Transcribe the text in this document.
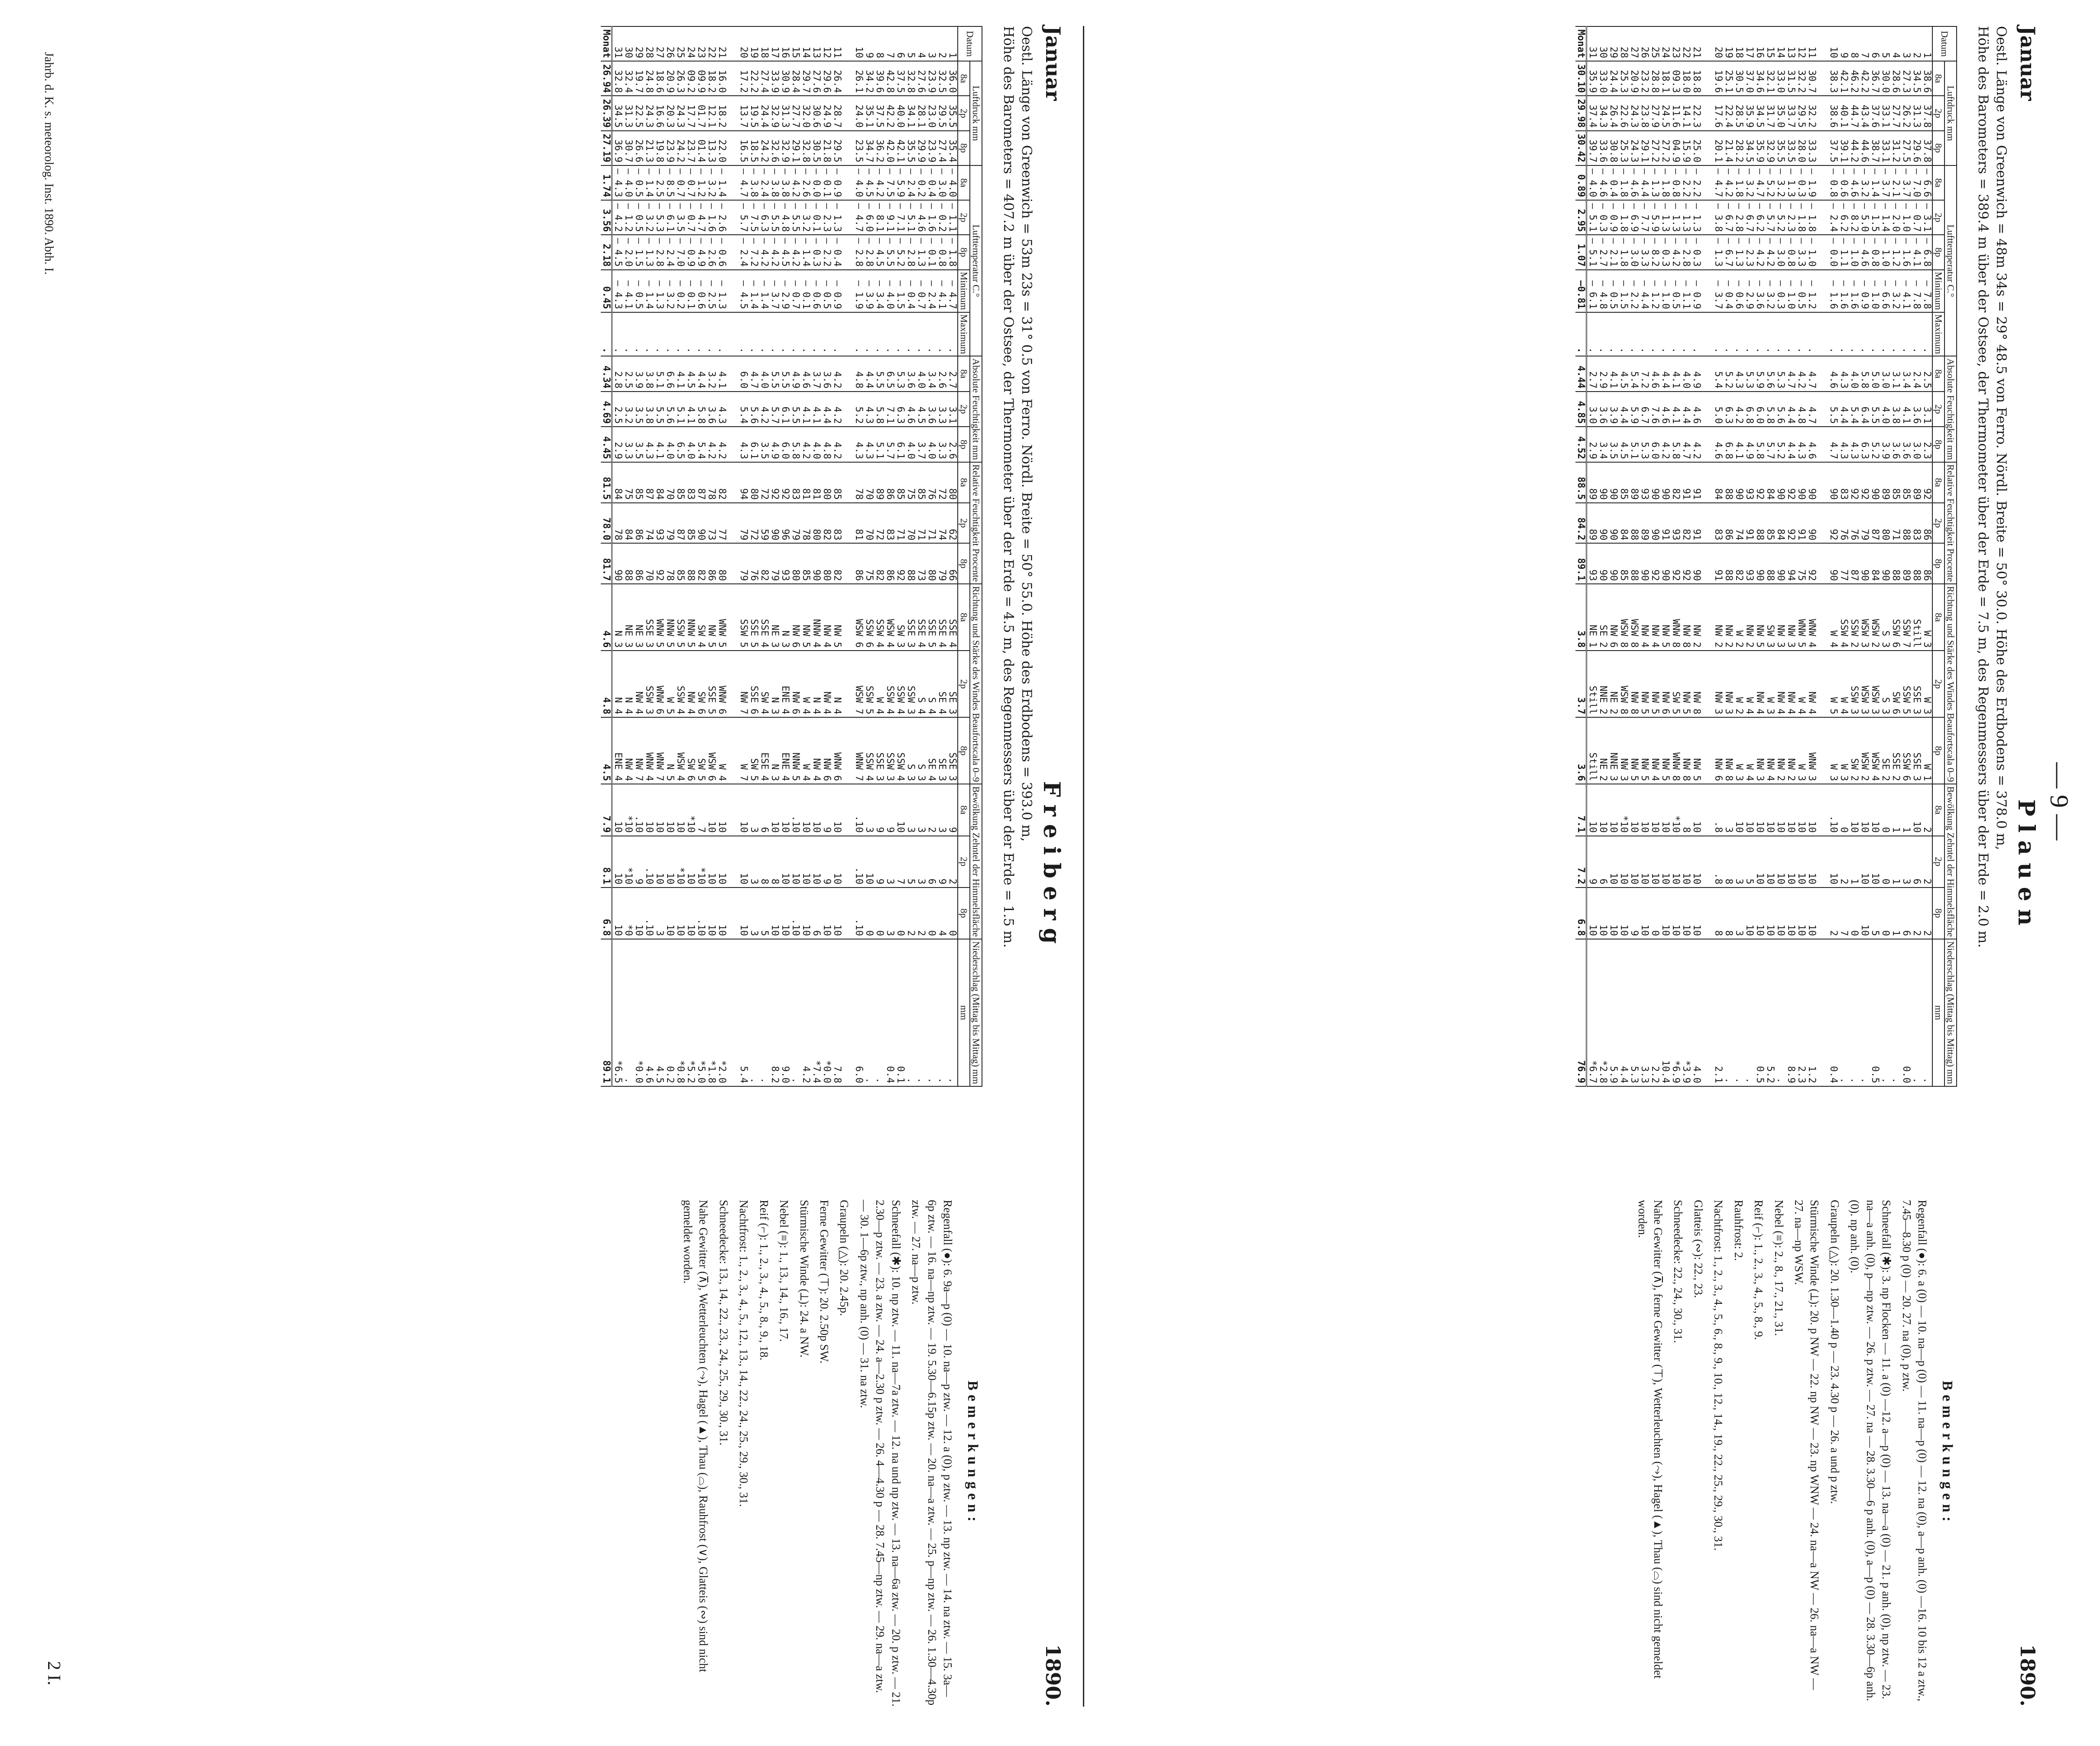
— 9 —
Plauen
Januar
1890.
Oestl. Länge von Greenwich = 48m 34s = 29° 48.5 von Ferro. Nördl. Breite = 50° 30.0. Höhe des Erdbodens = 378.0 m,
Höhe des Barometers = 389.4 m über der Ostsee, der Thermometer über der Erde = 7.5 m, des Regenmessers über der Erde = 2.0 m.
Datum	Luftdruck mm			Lufttemperatur C.°					Absolute Feuchtigkeit mm			Relative Feuchtigkeit Procente			Richtung und Stärke des Windes Beaufortscala 0–9			Bewölkung Zehntel der Himmelsfläche			Niederschlag (Mittag bis Mittag) mm
	8a	2p	8p	8a	2p	8p	Minimum	Maximum	8a	2p	8p	8a	2p	8p	8a	2p	8p	8a	2p	8p	mm
1	38.6	37.8	37.8	— 6.6	— 3.1	— 6.8	— 7.8	.	2.5	3.1	2.3	92	86	86	W 3	W 3	W 1	2	2	2	.
2	34.5	31.3	29.6	— 7.0	— 0.7	— 4.1	— 7.8	.	2.4	3.6	3.0	89	83	88	Still	SSE 3	SSE 3	10	6	2	.
3	27.3	26.2	27.5	— 3.7	— 1.0	— 1.6	— 4.1	.	3.4	4.1	3.6	85	88	89	SSW 7	SSW 5	SSW 6	1	3	6	0.0
4	28.6	27.7	31.2	— 2.1	— 2.0	— 1.2	— 3.2	.	3.1	3.8	3.6	85	71	88	SSW 6	SW 6	SSE 2	1	1	1	.
5	30.0	33.1	33.1	— 3.7	— 1.4	— 1.0	— 6.6	.	3.0	4.0	3.9	89	80	90	S 3	S 3	SE 2	0	0	0	.
6	36.7	37.6	38.7	— 1.4	— 1.5	— 0.8	— 1.0	.	5.0	5.5	5.2	90	87	84	WSW 2	WSW 3	WSW 4	10	10	5	0.5
7	42.2	43.4	44.6	— 3.2	— 5.0	— 4.6	— 0.9	.	5.8	6.4	6.3	92	79	90	WSW 3	WSW 3	WSW 2	10	10	10	.
8	46.2	44.7	44.2	— 4.6	— 8.2	— 1.0	— 1.6	.	4.0	5.4	4.3	92	76	87	SSW 2	SSW 3	SW 2	10	1	0	.
9	42.1	40.1	39.1	— 0.6	— 6.2	— 1.1	— 1.6	.	4.3	4.4	4.3	83	76	77	SSW 4	W 4	W 3	0	2	7	.
10	38.3	38.6	37.5	— 0.8	— 2.4	— 0.0	— 1.6	.	4.6	5.5	4.7	90	92	90	W 4	W 5	W 3	.10	10	2	0.4

11	30.7	32.2	33.3	— 1.9	— 1.8	— 1.0	— 1.2	.	4.7	4.7	4.6	90	90	92	WNW 4	NW 4	WNW 3	10	10	10	1.2
12	32.2	29.5	28.0	— 0.3	— 1.8	— 3.3	— 0.5	.	4.2	4.8	4.3	90	91	75	WNW 5	W 4	W 3	10	10	10	2.3
13	31.5	33.7	33.5	— 1.3	— 2.3	— 0.8	— 1.0	.	4.7	4.4	4.4	92	92	94	NW 3	NW 4	NW 2	10	10	10	8.9
14	33.0	35.0	35.5	— 3.2	— 5.2	— 3.0	— 0.3	.	5.3	5.6	5.2	90	84	90	NW 3	NW 4	NW 2	10	10	10	.
15	32.1	31.7	32.9	— 5.2	— 5.7	— 4.2	— 3.2	.	5.6	5.8	5.7	84	85	88	SW 3	W 3	NW 4	10	10	10	5.2
16	34.6	34.5	35.9	— 4.7	— 6.2	— 4.2	— 3.6	.	5.9	6.0	5.8	92	88	90	NW 5	NW 4	NW 3	10	10	10	0.5
17	37.0	35.9	34.5	— 3.2	— 6.7	— 2.3	— 2.9	.	5.3	6.8	4.9	93	91	93	NW 2	W 4	W 4	10	5	10	.
18	30.5	28.5	28.2	— 1.8	— 2.8	— 1.3	— 0.6	.	4.3	4.2	4.1	90	74	82	W 2	W 2	W 3	10	3	3	.
19	25.1	22.4	21.4	— 4.2	— 6.7	— 6.7	— 0.4	.	5.2	6.3	6.8	88	86	88	NW 2	NW 3	NW 8	3	8	8	.
20	19.6	17.6	20.1	— 4.7	— 3.8	— 1.3	— 3.7	.	5.4	5.0	4.6	84	83	91	NW 2	NW 3	NW 6	.8	.8	8	2.1

21	18.8	22.3	25.0	— 2.2	— 1.3	— 0.3	— 0.9	.	4.9	4.6	4.2	91	91	90	NW 2	NW 8	NW 5	10	10	10	4.0
22	18.0	14.1	15.9	— 2.2	— 1.3	— 2.8	— 1.1	.	4.0	4.4	4.7	91	82	92	NW 8	NW 5	NW 8	8	10	10	*3.9
23	09.3	11.6	04.9	— 0.8	— 1.3	— 4.2	— 0.5	.	4.1	4.1	5.8	82	93	92	WNW 8	SW 5	WNW 8	*10	10	10	*6.9
24	18.1	24.5	27.2	— 1.8	— 1.3	— 0.3	— 1.0	.	4.4	4.6	4.2	90	91	90	NW 5	NW 6	NW 5	10	10	10	10.4
25	28.8	27.9	27.2	— 1.3	— 5.9	— 8.2	— 1.2	.	4.6	7.6	6.0	90	90	92	NW 4	NW 5	NW 4	10	10	0	2.2
26	23.2	23.8	29.1	— 4.4	— 7.7	— 3.3	— 4.4	.	7.2	6.7	5.3	93	89	90	NW 4	NW 5	NW 5	10	10	10	3.3
27	20.9	24.3	24.3	— 4.6	— 6.9	— 3.0	— 2.2	.	5.4	5.9	5.1	89	88	88	WSW 8	NW 8	NW 5	10	10	9	5.3
28	25.3	22.6	25.3	— 1.8	— 1.8	— 1.8	— 1.5	.	4.5	4.4	4.5	85	84	85	WSW 8	WSW 8	NW 3	*10	10	10	4.4
29	24.4	26.4	30.8	— 0.4	— 0.9	— 2.1	— 0.5	.	4.1	3.9	3.5	90	90	90	NW 6	NE 2	NNE 3	10	10	10	5.9
30	33.0	34.3	33.6	— 4.6	— 0.3	— 2.7	— 4.8	.	2.9	3.6	3.4	90	90	90	SE 2	NNE 2	NE 2	10	6	10	*2.8
31	35.9	37.4	39.7	— 4.0	— 5.1	— 5.1	— 6.1	.	2.7	3.0	2.9	89	89	93	NE 1	Still	Still	10	9	10	*6.7
Monat	30.10	29.98	30.42	0.89	2.95	1.07	—0.81	.	4.44	4.85	4.52	88.5	84.2	89.1	3.8	3.7	3.6	7.1	7.2	6.8	76.9
Bemerkungen:

Regenfall (●): 6. a (0) — 10. na—p (0) — 11. na—p (0) — 12. na (0), a—p anh. (0) —16. 10 bis 12 a ztw., 7.45—8.30 p (0) — 20. 27. na (0), p ztw.

Schneefall (✱): 3. np Flocken — 11. a (0) —12. a—p (0) — 13. na—a (0) — 21. p anh. (0), np ztw. — 23. na—a anh. (0), p—np ztw. — 26. p ztw. — 27. na — 28. 3.30—6 p anh. (0), a—p (0) — 28. 3.30—6p anh. (0). np anh. (0).

Graupeln (△): 20. 1.30—1.40 p — 23. 4.30 p — 26. a und p ztw.

Stürmische Winde (⟂): 20. p NW — 22. np NW — 23. np WNW — 24. na—a NW — 26. na—a NW — 27. na—np WSW.

Nebel (≡): 2., 8., 17., 21., 31.

Reif (⌐): 1., 2., 3., 4., 5., 8., 9.

Rauhfrost: 2.

Nachtfrost: 1., 2., 3., 4., 5., 6., 8., 9., 10., 12., 14., 19., 22., 25., 29., 30., 31.

Glatteis (∾): 22., 23.

Schneedecke: 22., 24., 30., 31.

Nahe Gewitter (⊼), ferne Gewitter (⊤), Wetterleuchten (⤳), Hagel (▲), Thau (⌓) sind nicht gemeldet worden.

Freiberg
Januar
1890.
Oestl. Länge von Greenwich = 53m 23s = 31° 0.5 von Ferro. Nördl. Breite = 50° 55.0. Höhe des Erdbodens = 393.0 m,
Höhe des Barometers = 407.2 m über der Ostsee, der Thermometer über der Erde = 4.5 m, des Regenmessers über der Erde = 1.5 m.
Datum	Luftdruck mm			Lufttemperatur C.°					Absolute Feuchtigkeit mm			Relative Feuchtigkeit Procente			Richtung und Stärke des Windes Beaufortscala 0–9			Bewölkung Zehntel der Himmelsfläche			Niederschlag (Mittag bis Mittag) mm
	8a	2p	8p	8a	2p	8p	Minimum	Maximum	8a	2p	8p	8a	2p	8p	8a	2p	8p	8a	2p	8p	mm
1	36.0	35.5	35.4	— 4.0	— 1.1	— 1.8	— 4.7	.	2.7	3.1	2.6	80	62	66	SSE 4	SE 3	SSE 3	9	2	0	.
2	32.5	29.5	27.4	— 3.0	— 0.2	— 0.8	— 4.1	.	2.6	3.3	3.3	72	74	79	SSE 4	SE 4	SE 3	3	9	4	.
3	23.9	23.0	23.9	— 0.4	— 1.6	— 0.1	— 2.4	.	3.4	3.6	4.0	76	71	80	SSE 5	S 4	SE 4	2	6	0	.
4	27.6	28.1	29.9	— 0.2	— 4.6	— 1.3	— 0.7	.	4.0	4.5	3.7	85	71	73	SSE 4	S 4	S 3	3	3	2	.
5	32.8	34.1	35.5	— 2.4	— 5.1	— 2.8	— 0.4	.	3.6	4.6	4.0	75	70	88	SSE 3	SSW 3	S 3	3	5	2	.
6	37.5	40.0	42.1	— 5.9	— 7.1	— 5.2	— 1.5	.	5.3	6.3	6.1	85	71	92	SW 3	SSW 4	SSW 4	10	7	0	0.1
7	42.8	42.2	42.0	— 7.5	— 9.1	— 5.5	— 4.0	.	6.5	7.1	5.7	86	83	86	WSW 4	SSW 4	SSW 3	9	3	3	0.4
8	39.6	37.5	36.2	— 4.2	— 8.1	— 4.5	— 3.4	.	5.5	5.8	5.1	89	72	82	SSW 4	W 4	SSE 3	9	9	0	.
9	34.2	35.1	34.7	— 4.5	— 6.0	— 2.8	— 3.9	.	4.4	4.3	4.3	70	70	75	SSW 6	SSW 5	SSW 4	3	10	0	.
10	26.1	24.0	23.5	— 4.0	— 4.7	— 2.8	— 1.9	.	4.8	5.2	4.3	78	81	86	WSW 6	WSW 7	WNW 7	.10	.10	.10	6.0

11	26.4	28.7	29.5	— 0.9	— 1.3	— 0.4	— 0.9	.	4.2	4.2	4.2	85	83	82	NW 5	N 4	WNW 6	10	10	10	7.8
12	29.6	24.9	21.8	— 0.1	— 2.3	— 2.2	— 0.5	.	3.6	4.4	4.8	80	82	80	NW 4	NW 4	NW 6	9	9	10	*0.0
13	27.6	30.6	30.5	— 0.0	— 0.1	— 0.3	— 0.6	.	3.7	4.1	4.0	81	80	90	NNW 4	N 4	NW 4	10	10	6	*7.4
14	29.7	32.0	32.8	— 2.6	— 3.2	— 1.4	— 0.1	.	4.6	4.1	4.2	81	78	85	NW 5	W 4	W 4	10	10	10	4.2
15	28.4	27.7	29.1	— 4.2	— 5.5	— 4.2	— 0.7	.	4.9	5.5	5.8	83	79	80	NW 6	NW 6	NNW 5	.10	10	.10	.
16	30.9	31.3	32.9	— 3.8	— 4.8	— 4.5	— 2.9	.	5.5	6.1	6.0	92	96	93	N 3	ENE 4	ENE 4	10	10	10	9.0
17	33.9	32.9	32.6	— 3.8	— 5.5	— 4.2	— 3.7	.	5.5	5.7	4.9	92	90	79	NE 3	N 3	N 3	10	8	10	8.2
18	27.4	24.4	24.2	— 2.4	— 6.3	— 4.2	— 1.4	.	4.0	4.2	3.5	72	59	82	SSE 4	SW 4	ESE 4	6	8	5	.
19	22.2	19.5	18.5	— 3.8	— 7.5	— 7.2	— 1.4	.	4.7	5.6	6.1	80	72	76	SSE 5	SSE 6	SW 5	3	3	3	.
20	17.2	13.7	16.5	— 4.7	— 5.7	— 2.4	— 4.5	.	6.0	5.4	4.3	94	79	79	SSW 5	NW 7	W 7	10	10	10	5.4

21	16.0	18.2	22.0	— 1.4	— 2.6	— 0.6	— 1.3	.	4.1	4.3	4.2	82	77	80	WNW 5	WNW 6	W 4	10	10	10	*2.0
22	18.2	12.1	13.3	— 3.2	— 1.6	— 2.6	— 2.5	.	3.2	3.6	4.2	78	73	86	NW 5	SSE 5	WSW 6	10	10	10	*1.8
23	09.9	01.7	01.4	— 1.2	— 4.7	— 4.9	— 0.6	.	4.4	5.8	5.4	87	90	82	SW 4	SW 6	SW 5	7	*10	.10	*5.0
24	09.2	17.7	23.7	— 0.7	— 0.7	— 0.9	— 0.1	.	4.5	4.1	4.0	83	85	88	NNW 5	NW 4	SW 6	*10	10	10	*5.2
25	26.3	24.3	24.2	— 0.7	— 3.5	— 7.0	— 0.2	.	4.1	5.1	6.5	85	87	85	SSW 5	SSW 4	WSW 4	10	*10	10	*0.8
26	20.9	20.3	23.9	— 8.5	— 6.1	— 2.4	— 3.2	.	6.6	5.6	4.0	70	79	78	NNW 5	W 5	N 5	10	10	10	0.2
27	18.6	16.6	19.8	— 2.5	— 5.3	— 2.8	— 1.3	.	5.1	5.5	4.1	84	93	92	WNW 5	WNW 6	WNW 7	10	10	3	4.5
28	24.8	24.3	21.3	— 1.4	— 3.2	— 1.3	— 1.4	.	3.8	3.8	4.3	87	74	70	SSE 3	SSW 3	WNW 4	10	.10	.10	4.6
29	19.7	22.5	26.6	— 0.5	— 0.5	— 1.5	— 0.5	.	3.9	3.5	3.5	85	86	86	NE 3	NW 4	NW 7	.10	9	10	*0.0
30	32.4	31.3	30.7	— 4.0	— 1.2	— 2.0	— 4.1	.	2.5	3.2	3.3	75	84	88	NE 3	N 4	NW 4	*10	*10	*0	.
31	32.8	34.5	36.9	— 4.3	— 4.2	— 4.5	— 4.3	.	2.8	2.5	2.9	84	78	90	N 3	N 4	ENE 4	10	10	10	*6.5
Monat	26.94	26.39	27.19	1.74	3.56	2.18	0.45	.	4.34	4.69	4.45	81.5	78.0	81.7	4.6	4.8	4.5	7.9	8.1	6.8	89.1
Bemerkungen:

Regenfall (●): 6. 9a—p (0) — 10. na—p ztw. — 12. a (0), p ztw. — 13. np ztw. — 14. na ztw. — 15. 3a—6p ztw. — 16. na—np ztw. — 19. 5.30—6.15p ztw. — 20. na—a ztw. — 25. p—np ztw. — 26. 1.30—4.30p ztw. — 27. na—p ztw.

Schneefall (✱): 10. np ztw. — 11. na—7a ztw. — 12. na und np ztw. — 13. na—6a ztw. — 20. p ztw. — 21. 2.30—p ztw. — 23. a ztw. — 24. a—2.30 p ztw. — 26. 4—4.30 p — 28. 7.45—np ztw. — 29. na—a ztw. — 30. 1—6p ztw., np anh. (0) — 31. na ztw.

Graupeln (△): 20. 2.45p.

Ferne Gewitter (⊤): 20. 2.50p SW.

Stürmische Winde (⟂): 24. a NW.

Nebel (≡): 1., 13., 14., 16., 17.

Reif (⌐): 1., 2., 3., 4., 5., 8., 9., 18.

Nachtfrost: 1., 2., 3., 4., 5., 12., 13., 14., 22., 24., 25., 29., 30., 31.

Schneedecke: 13., 14., 22., 23., 24., 25., 29., 30., 31.

Nahe Gewitter (⊼), Wetterleuchten (⤳), Hagel (▲), Thau (⌓), Rauhfrost (∨), Glatteis (∾) sind nicht gemeldet worden.

Jahrb. d. K. s. meteorolog. Inst. 1890. Abth. I.
2 I.
